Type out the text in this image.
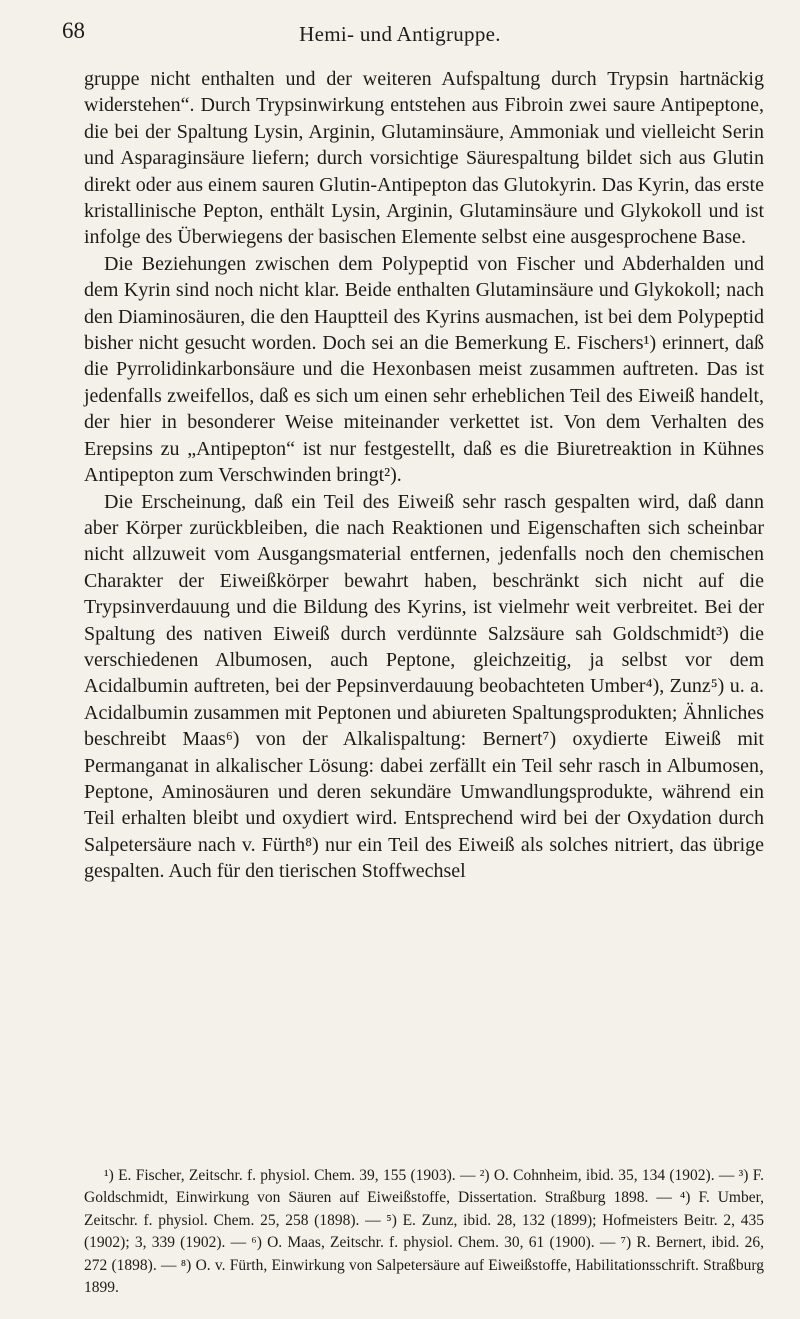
68	Hemi- und Antigruppe.

gruppe nicht enthalten und der weiteren Aufspaltung durch Trypsin hartnäckig widerstehen“. Durch Trypsinwirkung entstehen aus Fibroin zwei saure Antipeptone, die bei der Spaltung Lysin, Arginin, Glutaminsäure, Ammoniak und vielleicht Serin und Asparaginsäure liefern; durch vorsichtige Säurespaltung bildet sich aus Glutin direkt oder aus einem sauren Glutin-Antipepton das Glutokyrin. Das Kyrin, das erste kristallinische Pepton, enthält Lysin, Arginin, Glutaminsäure und Glykokoll und ist infolge des Überwiegens der basischen Elemente selbst eine ausgesprochene Base.

Die Beziehungen zwischen dem Polypeptid von Fischer und Abderhalden und dem Kyrin sind noch nicht klar. Beide enthalten Glutaminsäure und Glykokoll; nach den Diaminosäuren, die den Hauptteil des Kyrins ausmachen, ist bei dem Polypeptid bisher nicht gesucht worden. Doch sei an die Bemerkung E. Fischers¹) erinnert, daß die Pyrrolidinkarbonsäure und die Hexonbasen meist zusammen auftreten. Das ist jedenfalls zweifellos, daß es sich um einen sehr erheblichen Teil des Eiweiß handelt, der hier in besonderer Weise miteinander verkettet ist. Von dem Verhalten des Erepsins zu „Antipepton“ ist nur festgestellt, daß es die Biuretreaktion in Kühnes Antipepton zum Verschwinden bringt²).

Die Erscheinung, daß ein Teil des Eiweiß sehr rasch gespalten wird, daß dann aber Körper zurückbleiben, die nach Reaktionen und Eigenschaften sich scheinbar nicht allzuweit vom Ausgangsmaterial entfernen, jedenfalls noch den chemischen Charakter der Eiweißkörper bewahrt haben, beschränkt sich nicht auf die Trypsinverdauung und die Bildung des Kyrins, ist vielmehr weit verbreitet. Bei der Spaltung des nativen Eiweiß durch verdünnte Salzsäure sah Goldschmidt³) die verschiedenen Albumosen, auch Peptone, gleichzeitig, ja selbst vor dem Acidalbumin auftreten, bei der Pepsinverdauung beobachteten Umber⁴), Zunz⁵) u. a. Acidalbumin zusammen mit Peptonen und abiureten Spaltungsprodukten; Ähnliches beschreibt Maas⁶) von der Alkalispaltung: Bernert⁷) oxydierte Eiweiß mit Permanganat in alkalischer Lösung: dabei zerfällt ein Teil sehr rasch in Albumosen, Peptone, Aminosäuren und deren sekundäre Umwandlungsprodukte, während ein Teil erhalten bleibt und oxydiert wird. Entsprechend wird bei der Oxydation durch Salpetersäure nach v. Fürth⁸) nur ein Teil des Eiweiß als solches nitriert, das übrige gespalten. Auch für den tierischen Stoffwechsel

¹) E. Fischer, Zeitschr. f. physiol. Chem. 39, 155 (1903). — ²) O. Cohnheim, ibid. 35, 134 (1902). — ³) F. Goldschmidt, Einwirkung von Säuren auf Eiweißstoffe, Dissertation. Straßburg 1898. — ⁴) F. Umber, Zeitschr. f. physiol. Chem. 25, 258 (1898). — ⁵) E. Zunz, ibid. 28, 132 (1899); Hofmeisters Beitr. 2, 435 (1902); 3, 339 (1902). — ⁶) O. Maas, Zeitschr. f. physiol. Chem. 30, 61 (1900). — ⁷) R. Bernert, ibid. 26, 272 (1898). — ⁸) O. v. Fürth, Einwirkung von Salpetersäure auf Eiweißstoffe, Habilitationsschrift. Straßburg 1899.
